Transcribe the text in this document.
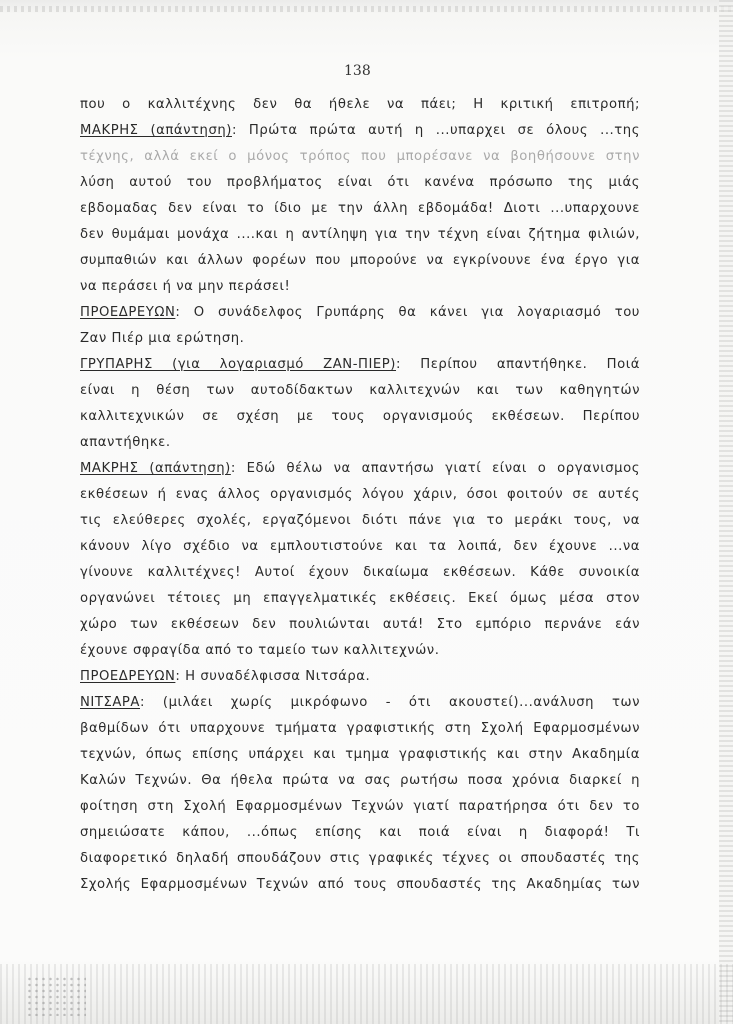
138
που ο καλλιτέχνης δεν θα ήθελε να πάει; Η κριτική επιτροπή;
ΜΑΚΡΗΣ (απάντηση): Πρώτα πρώτα αυτή η ...υπαρχει σε όλους ...της
τέχνης, αλλά εκεί ο μόνος τρόπος που μπορέσανε να βοηθήσουνε στην
λύση αυτού του προβλήματος είναι ότι κανένα πρόσωπο της μιάς
εβδομαδας δεν είναι το ίδιο με την άλλη εβδομάδα! Διοτι ...υπαρχουνε
δεν θυμάμαι μονάχα ....και η αντίληψη για την τέχνη είναι ζήτημα φιλιών,
συμπαθιών και άλλων φορέων που μπορούνε να εγκρίνουνε ένα έργο για
να περάσει ή να μην περάσει!
ΠΡΟΕΔΡΕΥΩΝ: Ο συνάδελφος Γρυπάρης θα κάνει για λογαριασμό του
Ζαν Πιέρ μια ερώτηση.
ΓΡΥΠΑΡΗΣ (για λογαριασμό ΖΑΝ-ΠΙΕΡ): Περίπου απαντήθηκε. Ποιά
είναι η θέση των αυτοδίδακτων καλλιτεχνών και των καθηγητών
καλλιτεχνικών σε σχέση με τους οργανισμούς εκθέσεων. Περίπου
απαντήθηκε.
ΜΑΚΡΗΣ (απάντηση): Εδώ θέλω να απαντήσω γιατί είναι ο οργανισμος
εκθέσεων ή ενας άλλος οργανισμός λόγου χάριν, όσοι φοιτούν σε αυτές
τις ελεύθερες σχολές, εργαζόμενοι διότι πάνε για το μεράκι τους, να
κάνουν λίγο σχέδιο να εμπλουτιστούνε και τα λοιπά, δεν έχουνε ...να
γίνουνε καλλιτέχνες! Αυτοί έχουν δικαίωμα εκθέσεων. Κάθε συνοικία
οργανώνει τέτοιες μη επαγγελματικές εκθέσεις. Εκεί όμως μέσα στον
χώρο των εκθέσεων δεν πουλιώνται αυτά! Στο εμπόριο περνάνε εάν
έχουνε σφραγίδα από το ταμείο των καλλιτεχνών.
ΠΡΟΕΔΡΕΥΩΝ: Η συναδέλφισσα Νιτσάρα.
ΝΙΤΣΑΡΑ: (μιλάει χωρίς μικρόφωνο - ότι ακουστεί)...ανάλυση των
βαθμίδων ότι υπαρχουνε τμήματα γραφιστικής στη Σχολή Εφαρμοσμένων
τεχνών, όπως επίσης υπάρχει και τμημα γραφιστικής και στην Ακαδημία
Καλών Τεχνών. Θα ήθελα πρώτα να σας ρωτήσω ποσα χρόνια διαρκεί η
φοίτηση στη Σχολή Εφαρμοσμένων Τεχνών γιατί παρατήρησα ότι δεν το
σημειώσατε κάπου, ...όπως επίσης και ποιά είναι η διαφορά! Τι
διαφορετικό δηλαδή σπουδάζουν στις γραφικές τέχνες οι σπουδαστές της
Σχολής Εφαρμοσμένων Τεχνών από τους σπουδαστές της Ακαδημίας των
